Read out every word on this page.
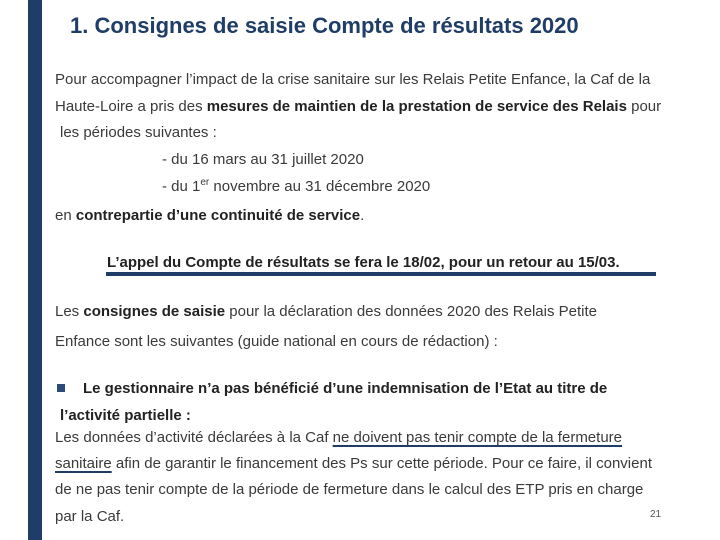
1. Consignes de saisie Compte de résultats 2020
Pour accompagner l’impact de la crise sanitaire sur les Relais Petite Enfance, la Caf de la
Haute-Loire a pris des mesures de maintien de la prestation de service des Relais pour
les périodes suivantes :
- du 16 mars au 31 juillet 2020
- du 1er novembre au 31 décembre 2020
en contrepartie d’une continuité de service.
L’appel du Compte de résultats se fera le 18/02, pour un retour au 15/03.
Les consignes de saisie pour la déclaration des données 2020 des Relais Petite
Enfance sont les suivantes (guide national en cours de rédaction) :
Le gestionnaire n’a pas bénéficié d’une indemnisation de l’Etat au titre de
l’activité partielle :
Les données d’activité déclarées à la Caf ne doivent pas tenir compte de la fermeture
sanitaire afin de garantir le financement des Ps sur cette période. Pour ce faire, il convient
de ne pas tenir compte de la période de fermeture dans le calcul des ETP pris en charge
par la Caf.	21
